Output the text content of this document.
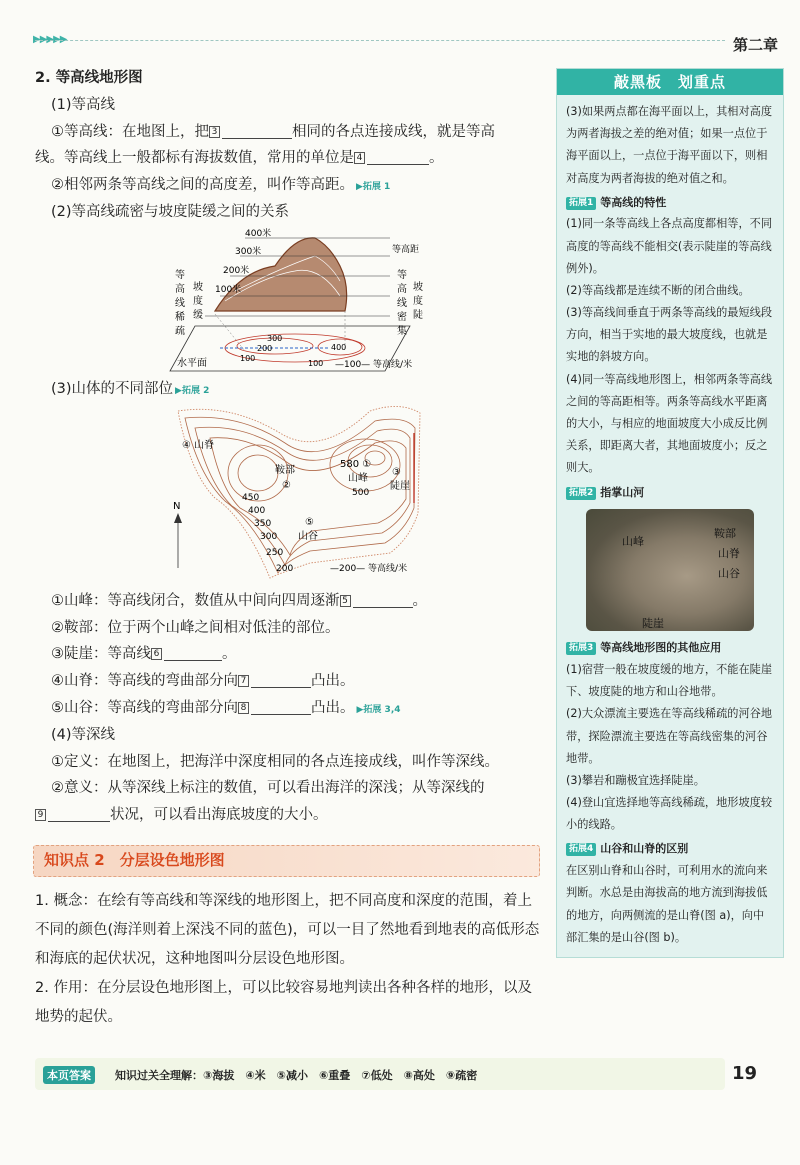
▶▶▶▶▶	第二章

2. 等高线地形图

(1)等高线

①等高线：在地图上，把 3	相同的各点连接成线，就是等高

线。等高线上一般都标有海拔数值，常用的单位是 4	。

②相邻两条等高线之间的高度差，叫作等高距。 ▶拓展 1

(2)等高线疏密与坡度陡缓之间的关系

400米
300米
200米
100米
等高距
等
高
线
稀
疏
坡
度
缓
等
高
线
密
集
坡
度
陡
水平面	—100— 等高线/米
300
200
100
400
100

(3)山体的不同部位 ▶拓展 2

④ 山脊
鞍部
②
580 ①
山峰
③
陡崖
⑤
山谷
N
450
400
350
300
250
200
500
—200— 等高线/米

①山峰：等高线闭合，数值从中间向四周逐渐 5	。

②鞍部：位于两个山峰之间相对低洼的部位。

③陡崖：等高线 6	。

④山脊：等高线的弯曲部分向 7	凸出。

⑤山谷：等高线的弯曲部分向 8	凸出。 ▶拓展 3,4

(4)等深线

①定义：在地图上，把海洋中深度相同的各点连接成线，叫作等深线。

②意义：从等深线上标注的数值，可以看出海洋的深浅；从等深线的

9	状况，可以看出海底坡度的大小。

知识点 2　分层设色地形图

1. 概念：在绘有等高线和等深线的地形图上，把不同高度和深度的范围，着上不同的颜色(海洋则着上深浅不同的蓝色)，可以一目了然地看到地表的高低形态和海底的起伏状况，这种地图叫分层设色地形图。

2. 作用：在分层设色地形图上，可以比较容易地判读出各种各样的地形，以及地势的起伏。

敲黑板　划重点
(3)如果两点都在海平面以上，其相对高度为两者海拔之差的绝对值；如果一点位于海平面以上，一点位于海平面以下，则相对高度为两者海拔的绝对值之和。
拓展1 等高线的特性
(1)同一条等高线上各点高度都相等，不同高度的等高线不能相交(表示陡崖的等高线例外)。
(2)等高线都是连续不断的闭合曲线。
(3)等高线间垂直于两条等高线的最短线段方向，相当于实地的最大坡度线，也就是实地的斜坡方向。
(4)同一等高线地形图上，相邻两条等高线之间的等高距相等。两条等高线水平距离的大小，与相应的地面坡度大小成反比例关系，即距离大者，其地面坡度小；反之则大。
拓展2 指掌山河
山峰
鞍部
山脊
山谷
陡崖
拓展3 等高线地形图的其他应用
(1)宿营一般在坡度缓的地方，不能在陡崖下、坡度陡的地方和山谷地带。
(2)大众漂流主要选在等高线稀疏的河谷地带，探险漂流主要选在等高线密集的河谷地带。
(3)攀岩和蹦极宜选择陡崖。
(4)登山宜选择地等高线稀疏，地形坡度较小的线路。
拓展4 山谷和山脊的区别
在区别山脊和山谷时，可利用水的流向来判断。水总是由海拔高的地方流到海拔低的地方，向两侧流的是山脊(图 a)，向中部汇集的是山谷(图 b)。
本页答案	知识过关全理解：③海拔　④米　⑤减小　⑥重叠　⑦低处　⑧高处　⑨疏密	19
